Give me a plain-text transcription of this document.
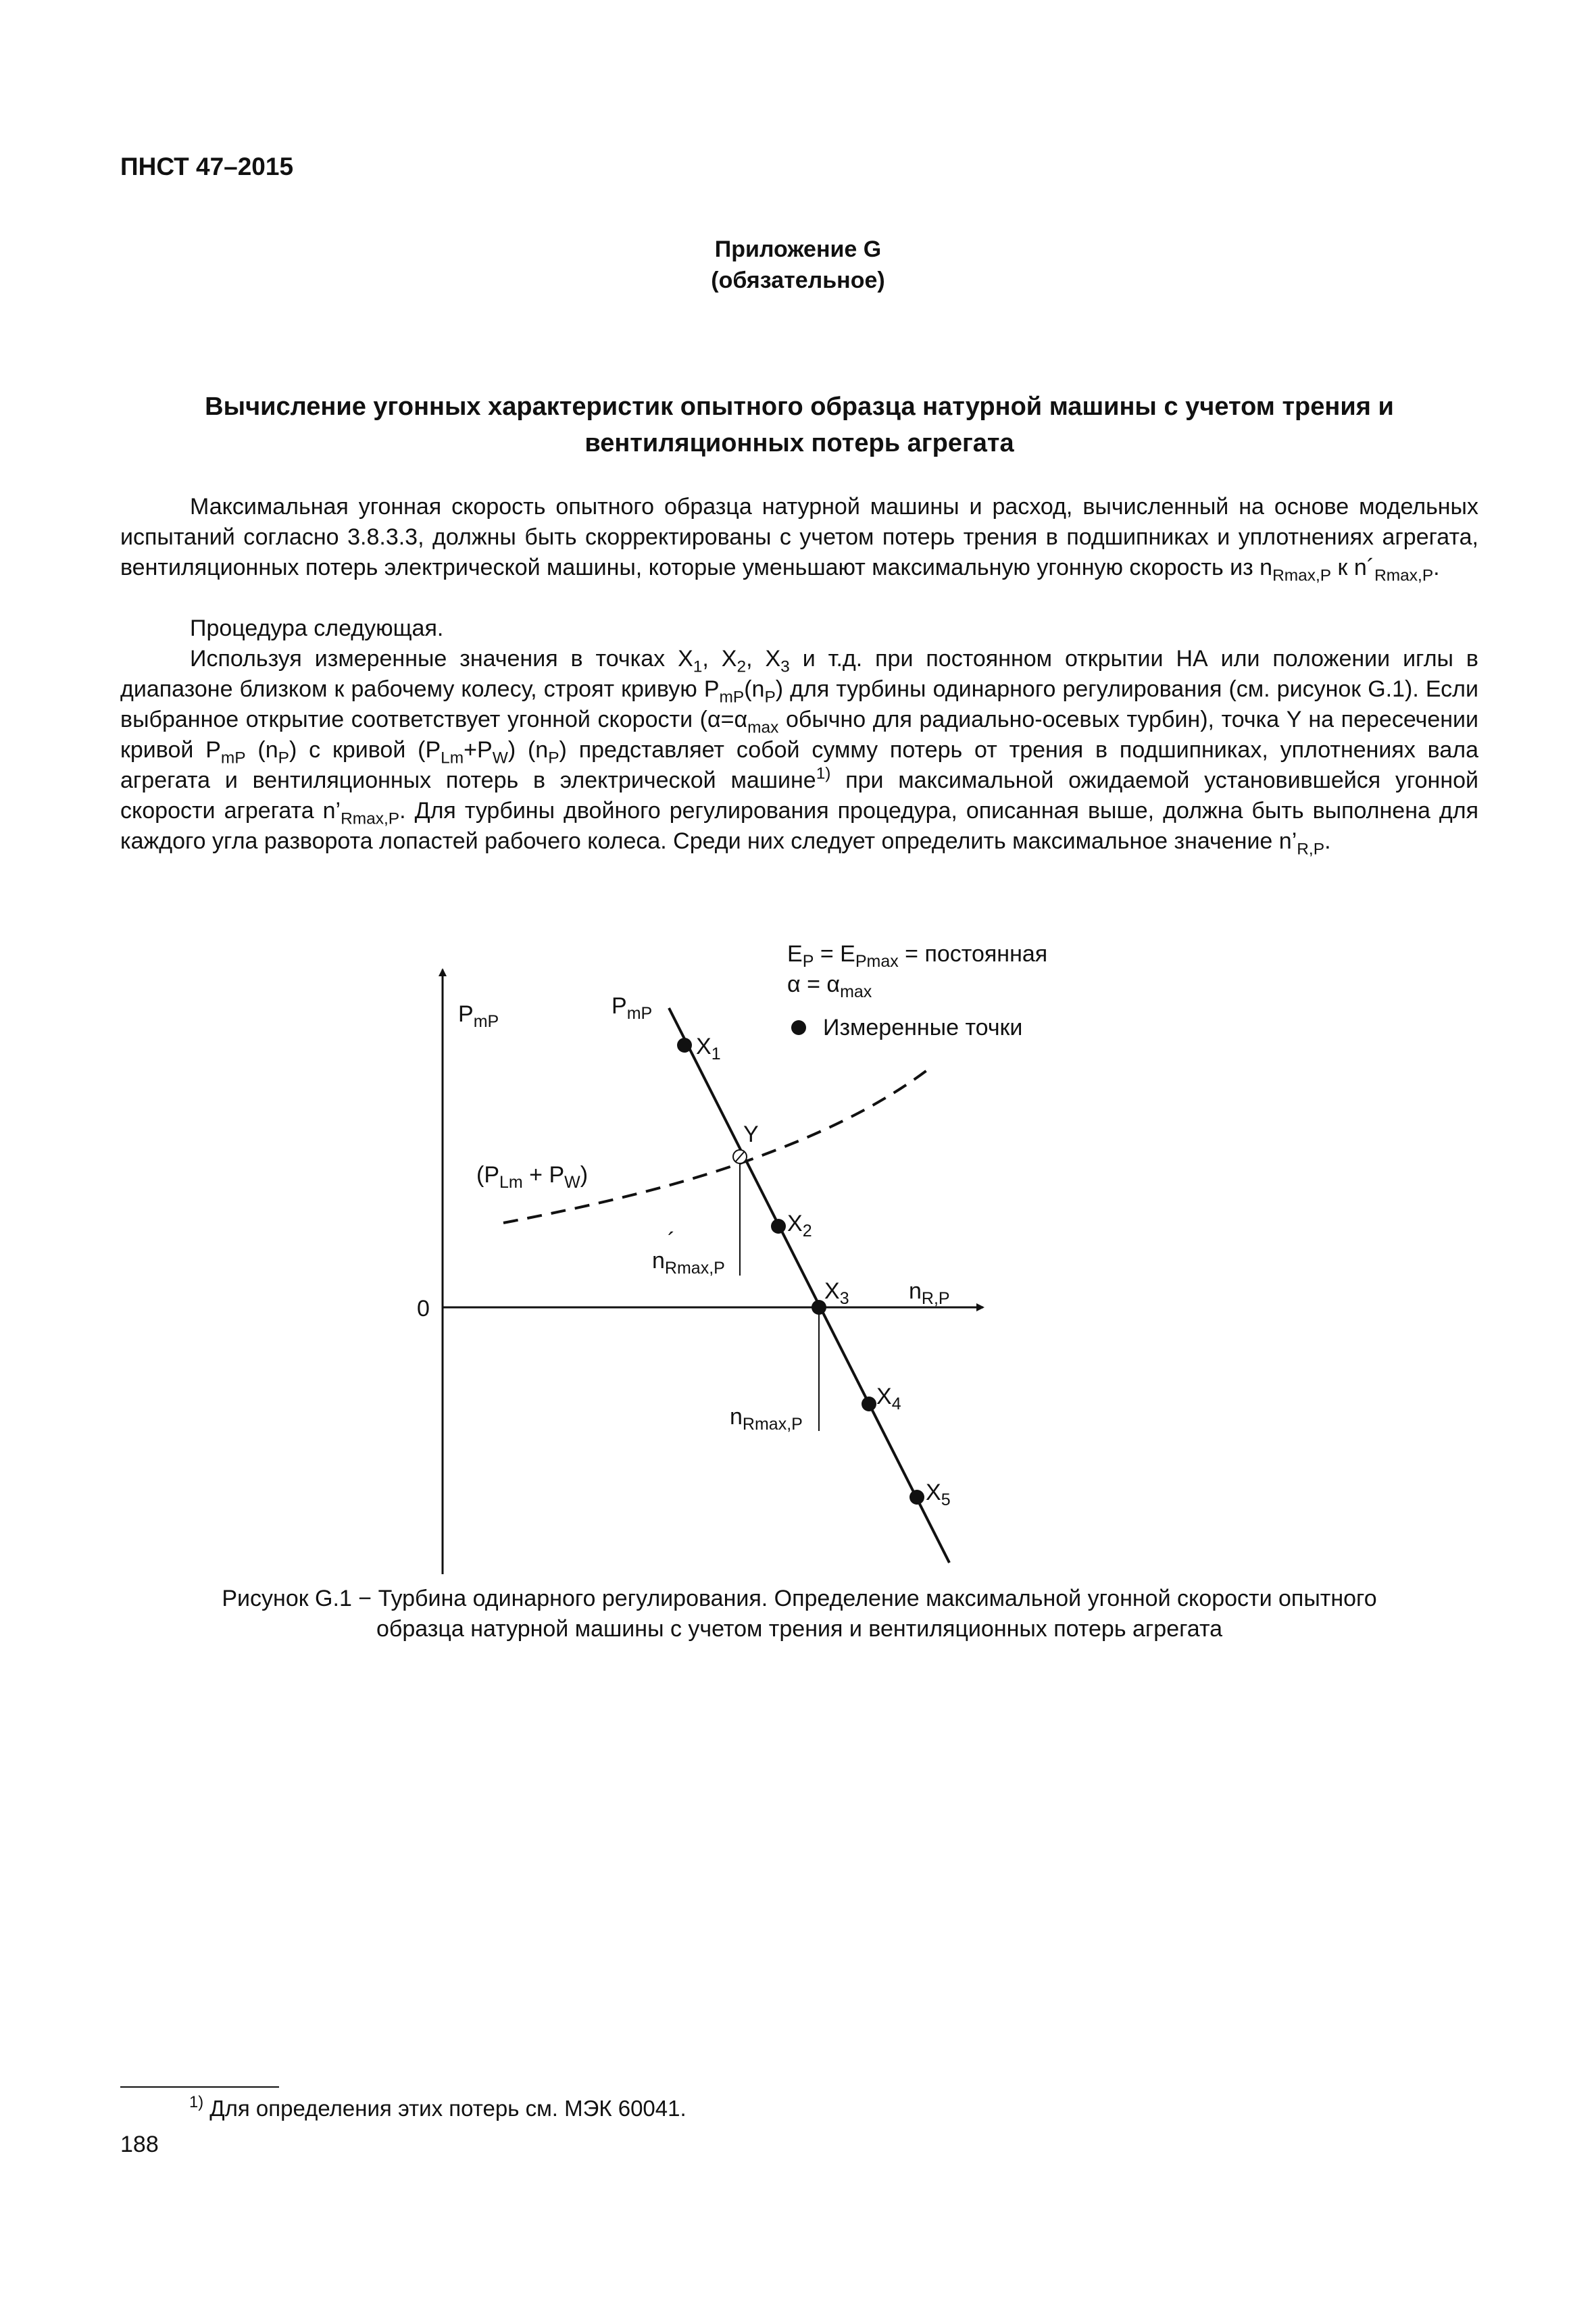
ПНСТ 47–2015
Приложение G
(обязательное)
Вычисление угонных характеристик опытного образца натурной машины с учетом трения и вентиляционных потерь агрегата
Максимальная угонная скорость опытного образца натурной машины и расход, вычисленный на основе модельных испытаний согласно 3.8.3.3, должны быть скорректированы с учетом потерь трения в подшипниках и уплотнениях агрегата, вентиляционных потерь электрической машины, которые уменьшают максимальную угонную скорость из $n_{Rmax,P}$ к $n´_{Rmax,P}$.
Процедура следующая.
Используя измеренные значения в точках $X_1$, $X_2$, $X_3$ и т.д. при постоянном открытии НА или положении иглы в диапазоне близком к рабочему колесу, строят кривую $P_{mP}(n_P)$ для турбины одинарного регулирования (см. рисунок G.1). Если выбранное открытие соответствует угонной скорости ($\alpha=\alpha_{max}$ обычно для радиально-осевых турбин), точка Y на пересечении кривой $P_{mP}$ $(n_P)$ с кривой $(P_{Lm}+P_W)$ $(n_P)$ представляет собой сумму потерь от трения в подшипниках, уплотнениях вала агрегата и вентиляционных потерь в электрической машине$^{1)}$ при максимальной ожидаемой установившейся угонной скорости агрегата $n’_{Rmax,P}$. Для турбины двойного регулирования процедура, описанная выше, должна быть выполнена для каждого угла разворота лопастей рабочего колеса. Среди них следует определить максимальное значение $n’_{R,P}$.
$E_P = E_{Pmax}$ = постоянная
$\alpha = \alpha_{max}$
Измеренные точки
$P_{mP}$
$P_{mP}$
$(P_{Lm} + P_W)$
0
$n_{R,P}$
$X_1$
$X_2$
$X_3$
$X_4$
$X_5$
Y
$n_{Rmax,P}$
´
$n_{Rmax,P}$
Рисунок G.1 − Турбина одинарного регулирования. Определение максимальной угонной скорости опытного
образца натурной машины с учетом трения и вентиляционных потерь агрегата
$^{1)}$ Для определения этих потерь см. МЭК 60041.
188
